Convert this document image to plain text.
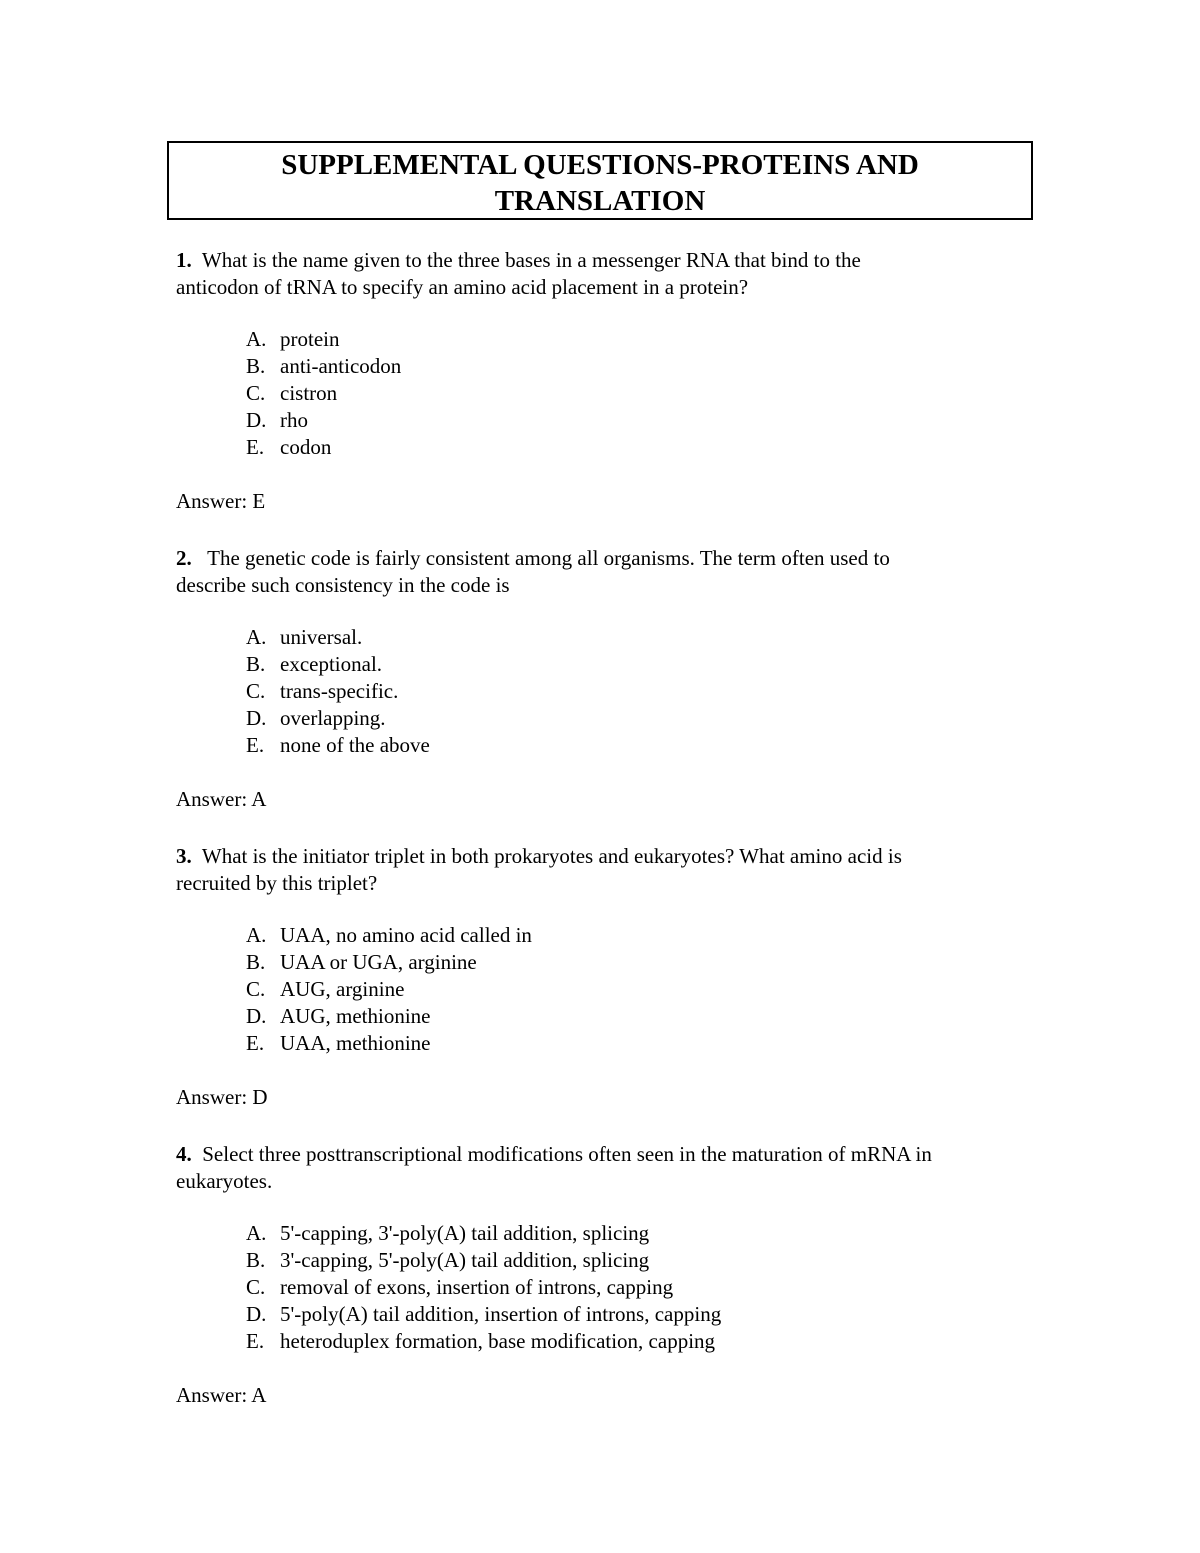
SUPPLEMENTAL QUESTIONS-PROTEINS AND
TRANSLATION

1. What is the name given to the three bases in a messenger RNA that bind to the
anticodon of tRNA to specify an amino acid placement in a protein?

A. protein
B. anti-anticodon
C. cistron
D. rho
E. codon
Answer: E

2. The genetic code is fairly consistent among all organisms. The term often used to
describe such consistency in the code is

A. universal.
B. exceptional.
C. trans-specific.
D. overlapping.
E. none of the above
Answer: A

3. What is the initiator triplet in both prokaryotes and eukaryotes? What amino acid is
recruited by this triplet?

A. UAA, no amino acid called in
B. UAA or UGA, arginine
C. AUG, arginine
D. AUG, methionine
E. UAA, methionine
Answer: D

4. Select three posttranscriptional modifications often seen in the maturation of mRNA in
eukaryotes.

A. 5'-capping, 3'-poly(A) tail addition, splicing
B. 3'-capping, 5'-poly(A) tail addition, splicing
C. removal of exons, insertion of introns, capping
D. 5'-poly(A) tail addition, insertion of introns, capping
E. heteroduplex formation, base modification, capping
Answer: A
